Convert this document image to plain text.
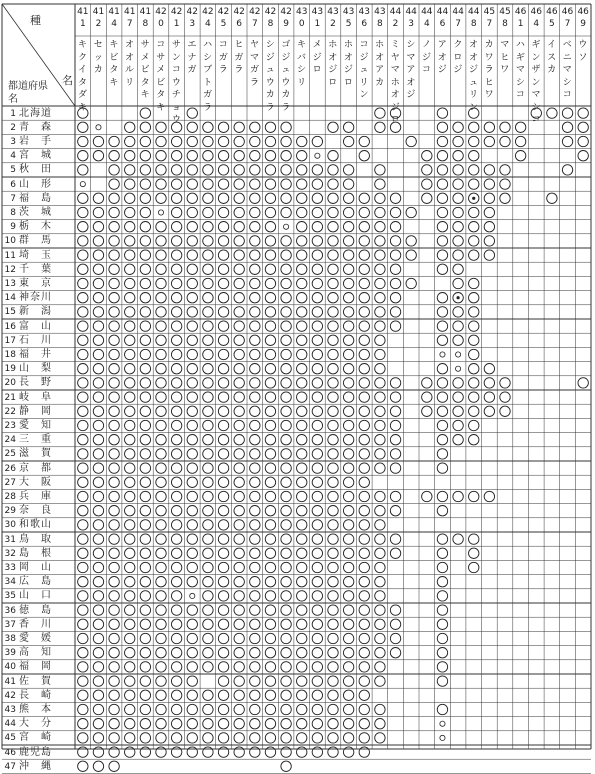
種
名
都道府県名
411
キクイタダキ
412
セッカ
414
キビタキ
417
オオルリ
418
サメビタキ
420
コサメビタキ
421
サンコウチョウ
423
エナガ
424
ハシブトガラ
425
コガラ
426
ヒガラ
427
ヤマガラ
428
シジュウカラ
429
ゴジュウカラ
430
キバシリ
431
メジロ
432
ホオジロ
435
ホオジロ
436
コジュリン
438
ホオアカ
442
ミヤマホオジロ
443
シマアオジ
444
ノジコ
446
アオジ
447
クロジ
448
オオジュリン
457
カワラヒワ
458
マヒワ
461
ハギマシコ
464
ギンザンマシコ
465
イスカ
467
ベニマシコ
469
ウソ
1 北海道
2 青　森
3 岩　手
4 宮　城
5 秋　田
6 山　形
7 福　島
8 茨　城
9 栃　木
10 群　馬
11 埼　玉
12 千　葉
13 東　京
14 神奈川
15 新　潟
16 富　山
17 石　川
18 福　井
19 山　梨
20 長　野
21 岐　阜
22 静　岡
23 愛　知
24 三　重
25 滋　賀
26 京　都
27 大　阪
28 兵　庫
29 奈　良
30 和歌山
31 鳥　取
32 島　根
33 岡　山
34 広　島
35 山　口
36 徳　島
37 香　川
38 愛　媛
39 高　知
40 福　岡
41 佐　賀
42 長　崎
43 熊　本
44 大　分
45 宮　崎
46 鹿児島
47 沖　縄
